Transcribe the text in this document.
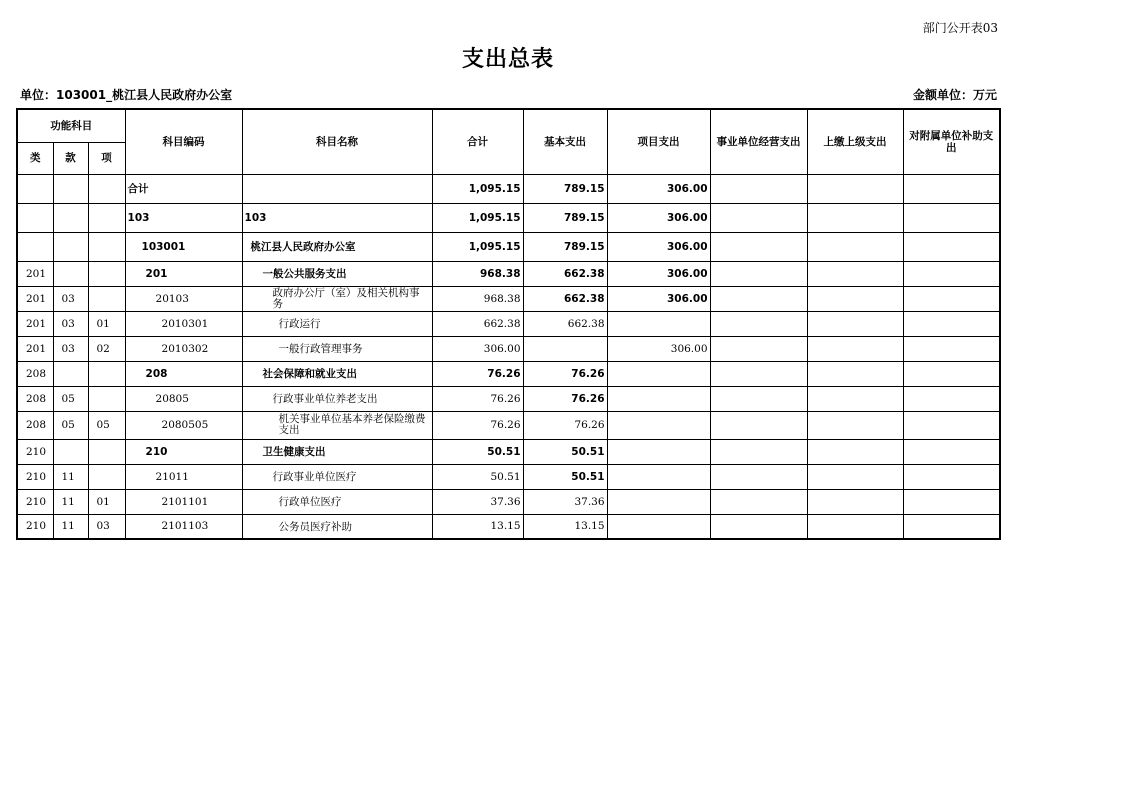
部门公开表03
支出总表
单位：103001_桃江县人民政府办公室	金额单位：万元
功能科目			科目编码	科目名称	合计	基本支出	项目支出	事业单位经营支出	上缴上级支出	对附属单位补助支出
类	款	项								
			合计		1,095.15	789.15	306.00			
			103	103	1,095.15	789.15	306.00			
			103001	桃江县人民政府办公室	1,095.15	789.15	306.00			
201			201	一般公共服务支出	968.38	662.38	306.00			
201	03		20103	政府办公厅（室）及相关机构事务	968.38	662.38	306.00			
201	03	01	2010301	行政运行	662.38	662.38				
201	03	02	2010302	一般行政管理事务	306.00		306.00			
208			208	社会保障和就业支出	76.26	76.26				
208	05		20805	行政事业单位养老支出	76.26	76.26				
208	05	05	2080505	机关事业单位基本养老保险缴费支出	76.26	76.26				
210			210	卫生健康支出	50.51	50.51				
210	11		21011	行政事业单位医疗	50.51	50.51				
210	11	01	2101101	行政单位医疗	37.36	37.36				
210	11	03	2101103	公务员医疗补助	13.15	13.15				
